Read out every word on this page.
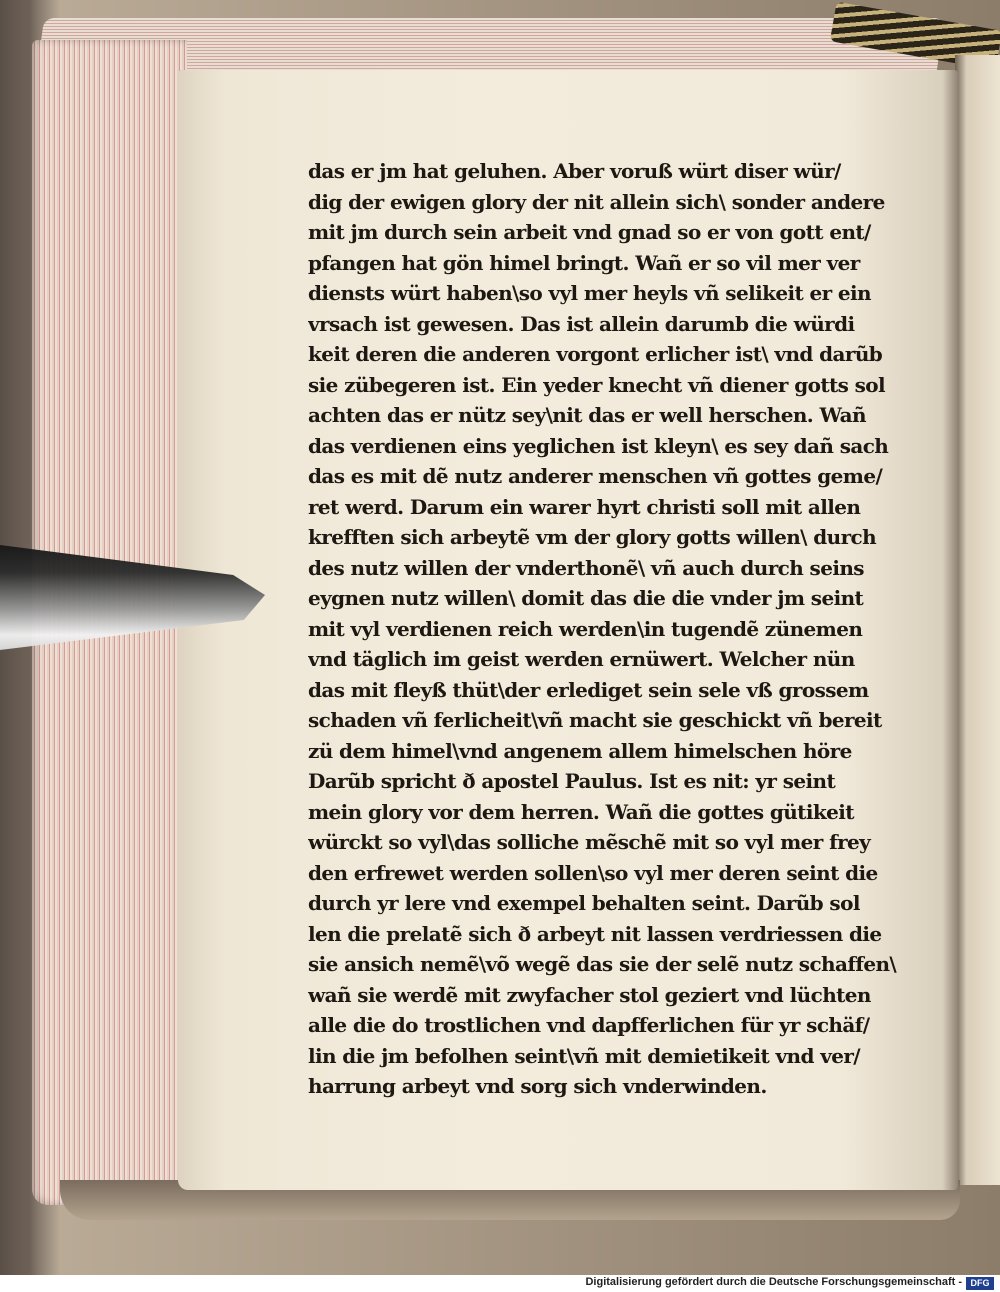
das er jm hat geluhen. Aber voruß würt diser wür/
dig der ewigen glory der nit allein sich\ sonder andere
mit jm durch sein arbeit vnd gnad so er von gott ent/
pfangen hat gön himel bringt. Wañ er so vil mer ver
diensts würt haben\so vyl mer heyls vñ selikeit er ein
vrsach ist gewesen. Das ist allein darumb die würdi
keit deren die anderen vorgont erlicher ist\ vnd darũb
sie zübegeren ist. Ein yeder knecht vñ diener gotts sol
achten das er nütz sey\nit das er well herschen. Wañ
das verdienen eins yeglichen ist kleyn\ es sey dañ sach
das es mit dẽ nutz anderer menschen vñ gottes geme/
ret werd. Darum ein warer hyrt christi soll mit allen
krefften sich arbeytẽ vm der glory gotts willen\ durch
des nutz willen der vnderthonẽ\ vñ auch durch seins
eygnen nutz willen\ domit das die die vnder jm seint
mit vyl verdienen reich werden\in tugendẽ zünemen
vnd täglich im geist werden ernüwert. Welcher nün
das mit fleyß thüt\der erlediget sein sele vß grossem
schaden vñ ferlicheit\vñ macht sie geschickt vñ bereit
zü dem himel\vnd angenem allem himelschen höre
Darũb spricht ð apostel Paulus. Ist es nit: yr seint
mein glory vor dem herren. Wañ die gottes gütikeit
würckt so vyl\das solliche mẽschẽ mit so vyl mer frey
den erfrewet werden sollen\so vyl mer deren seint die
durch yr lere vnd exempel behalten seint. Darũb sol
len die prelatẽ sich ð arbeyt nit lassen verdriessen die
sie ansich nemẽ\võ wegẽ das sie der selẽ nutz schaffen\
wañ sie werdẽ mit zwyfacher stol geziert vnd lüchten
alle die do trostlichen vnd dapfferlichen für yr schäf/
lin die jm befolhen seint\vñ mit demietikeit vnd ver/
harrung arbeyt vnd sorg sich vnderwinden.
Digitalisierung gefördert durch die Deutsche Forschungsgemeinschaft - DFG
